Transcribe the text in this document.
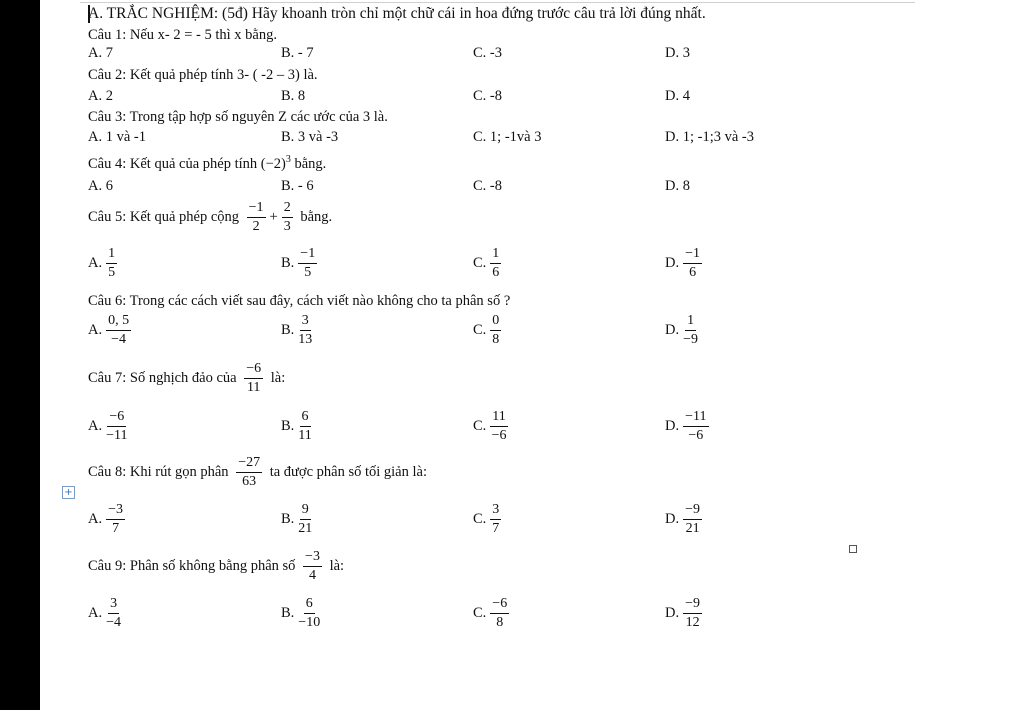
A. TRẮC NGHIỆM: (5đ) Hãy khoanh tròn chỉ một chữ cái in hoa đứng trước câu trả lời đúng nhất.
Câu 1: Nếu x- 2 = - 5 thì x bằng.
A. 7	B. - 7	C. -3	D. 3
Câu 2: Kết quả phép tính 3- ( -2 – 3) là.
A. 2	B. 8	C. -8	D. 4
Câu 3: Trong tập hợp số nguyên Z các ước của 3 là.
A. 1 và -1	B. 3 và -3	C. 1; -1và 3	D. 1; -1;3 và -3
Câu 4: Kết quả của phép tính $(-2)^3$ bằng.
A. 6	B. - 6	C. -8	D. 8
Câu 5: Kết quả phép cộng $\frac{-1}{2} + \frac{2}{3}$ bằng.
A. $\frac{1}{5}$	B. $\frac{-1}{5}$	C. $\frac{1}{6}$	D. $\frac{-1}{6}$
Câu 6: Trong các cách viết sau đây, cách viết nào không cho ta phân số ?
A. $\frac{0, 5}{-4}$	B. $\frac{3}{13}$	C. $\frac{0}{8}$	D. $\frac{1}{-9}$
Câu 7: Số nghịch đảo của $\frac{-6}{11}$ là:
A. $\frac{-6}{-11}$	B. $\frac{6}{11}$	C. $\frac{11}{-6}$	D. $\frac{-11}{-6}$
+
Câu 8: Khi rút gọn phân $\frac{-27}{63}$ ta được phân số tối giản là:
A. $\frac{-3}{7}$	B. $\frac{9}{21}$	C. $\frac{3}{7}$	D. $\frac{-9}{21}$
Câu 9: Phân số không bằng phân số $\frac{-3}{4}$ là:
A. $\frac{3}{-4}$	B. $\frac{6}{-10}$	C. $\frac{-6}{8}$	D. $\frac{-9}{12}$
